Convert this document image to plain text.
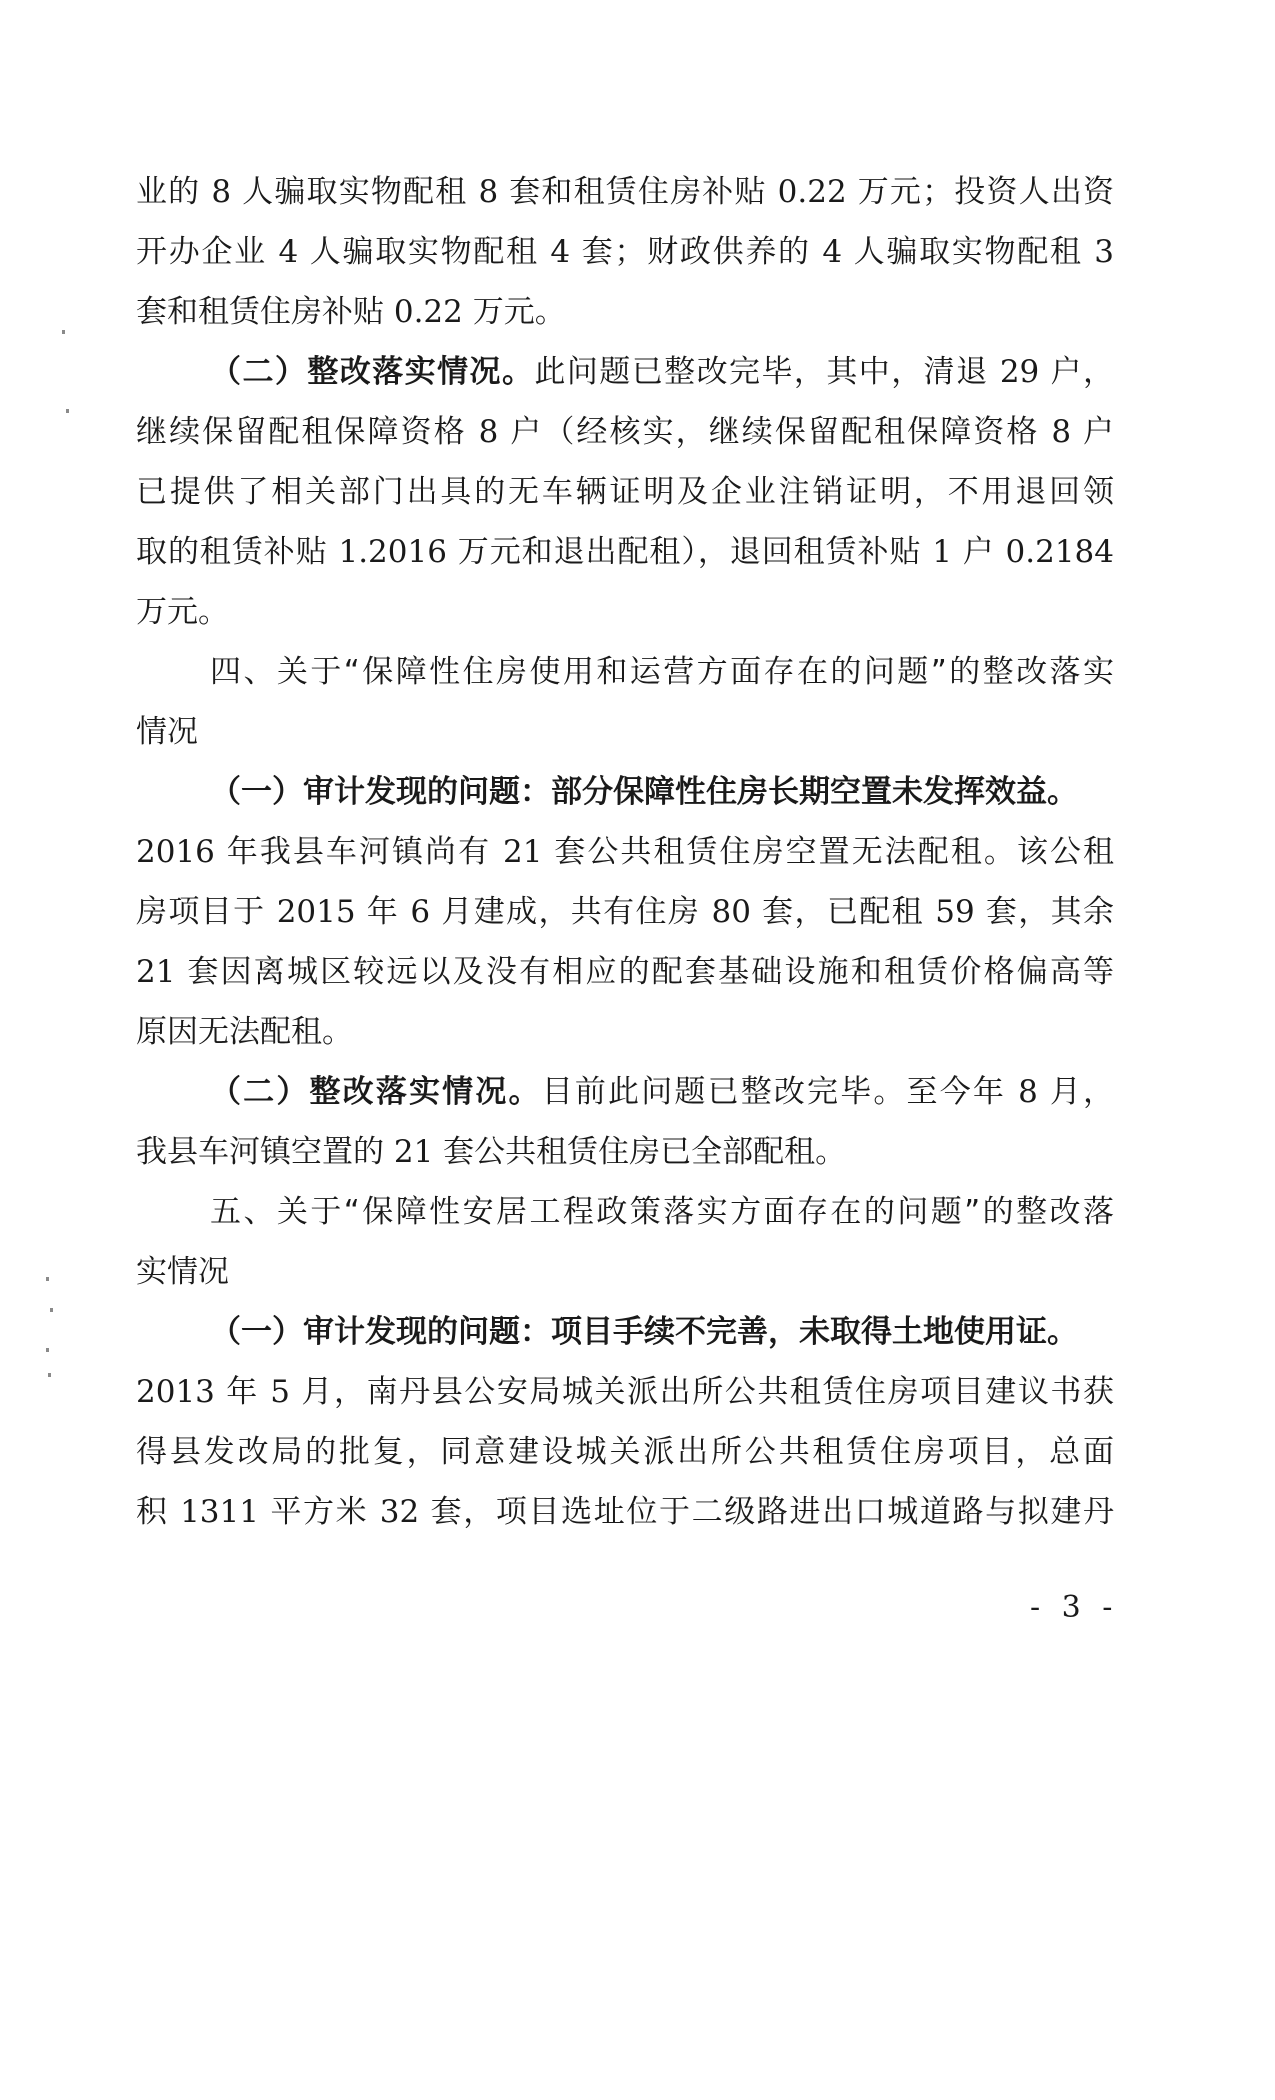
业的 8 人骗取实物配租 8 套和租赁住房补贴 0.22 万元；投资人出资
开办企业 4 人骗取实物配租 4 套；财政供养的 4 人骗取实物配租 3
套和租赁住房补贴 0.22 万元。
（二）整改落实情况。此问题已整改完毕，其中，清退 29 户，
继续保留配租保障资格 8 户（经核实，继续保留配租保障资格 8 户
已提供了相关部门出具的无车辆证明及企业注销证明，不用退回领
取的租赁补贴 1.2016 万元和退出配租），退回租赁补贴 1 户 0.2184
万元。
四、关于“保障性住房使用和运营方面存在的问题”的整改落实
情况
（一）审计发现的问题：部分保障性住房长期空置未发挥效益。
2016 年我县车河镇尚有 21 套公共租赁住房空置无法配租。该公租
房项目于 2015 年 6 月建成，共有住房 80 套，已配租 59 套，其余
21 套因离城区较远以及没有相应的配套基础设施和租赁价格偏高等
原因无法配租。
（二）整改落实情况。目前此问题已整改完毕。至今年 8 月，
我县车河镇空置的 21 套公共租赁住房已全部配租。
五、关于“保障性安居工程政策落实方面存在的问题”的整改落
实情况
（一）审计发现的问题：项目手续不完善，未取得土地使用证。
2013 年 5 月，南丹县公安局城关派出所公共租赁住房项目建议书获
得县发改局的批复，同意建设城关派出所公共租赁住房项目，总面
积 1311 平方米 32 套，项目选址位于二级路进出口城道路与拟建丹
- 3 -
